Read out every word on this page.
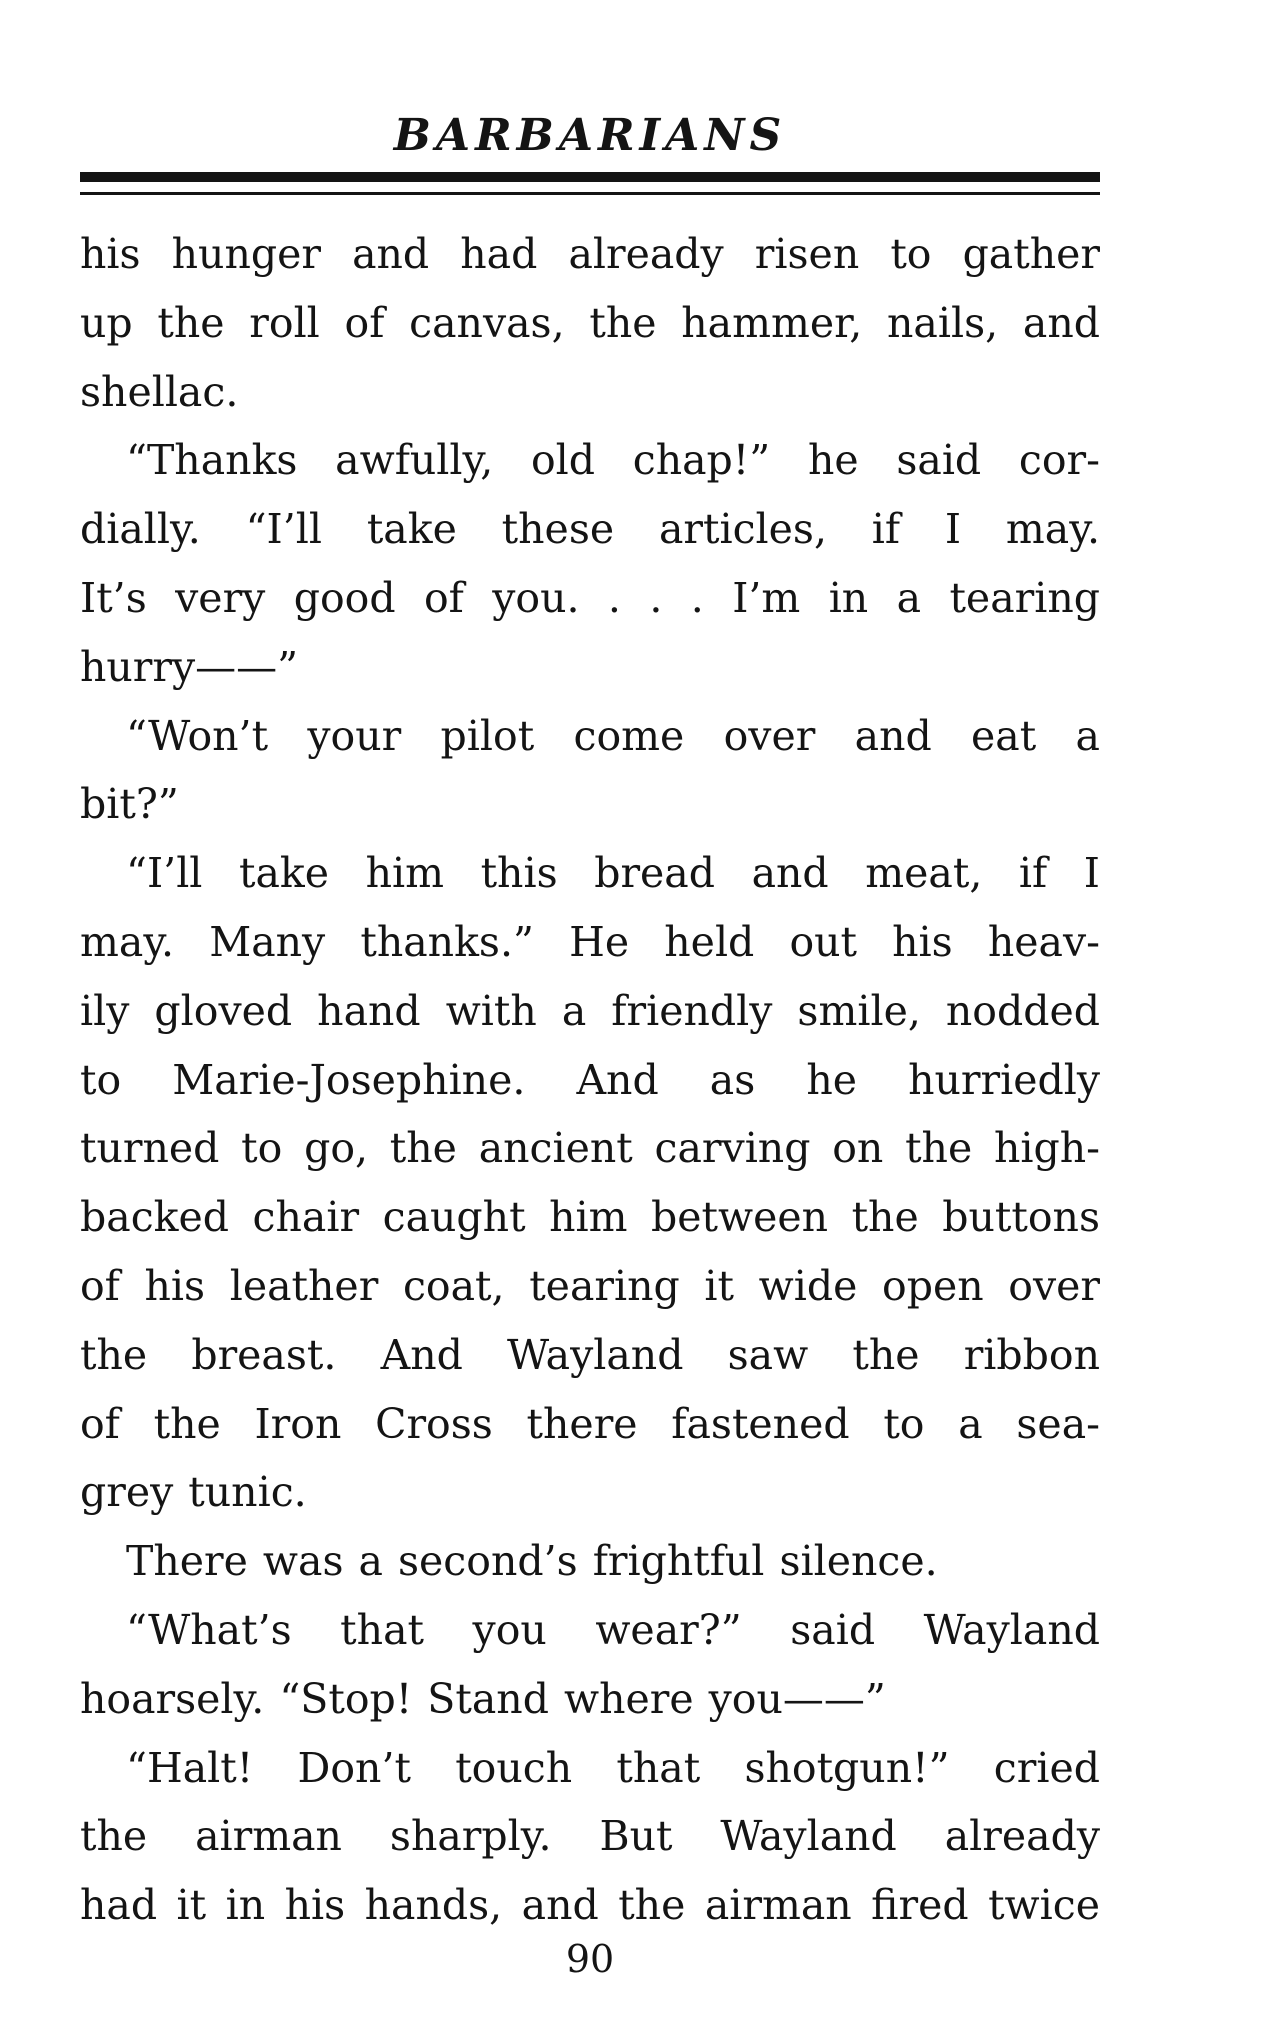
BARBARIANS

his hunger and had already risen to gather
up the roll of canvas, the hammer, nails, and
shellac.
“Thanks awfully, old chap!” he said cor-
dially. “I’ll take these articles, if I may.
It’s very good of you. . . . I’m in a tearing
hurry——”
“Won’t your pilot come over and eat a
bit?”
“I’ll take him this bread and meat, if I
may. Many thanks.” He held out his heav-
ily gloved hand with a friendly smile, nodded
to Marie-Josephine. And as he hurriedly
turned to go, the ancient carving on the high-
backed chair caught him between the buttons
of his leather coat, tearing it wide open over
the breast. And Wayland saw the ribbon
of the Iron Cross there fastened to a sea-
grey tunic.
There was a second’s frightful silence.
“What’s that you wear?” said Wayland
hoarsely. “Stop! Stand where you——”
“Halt! Don’t touch that shotgun!” cried
the airman sharply. But Wayland already
had it in his hands, and the airman fired twice

90
